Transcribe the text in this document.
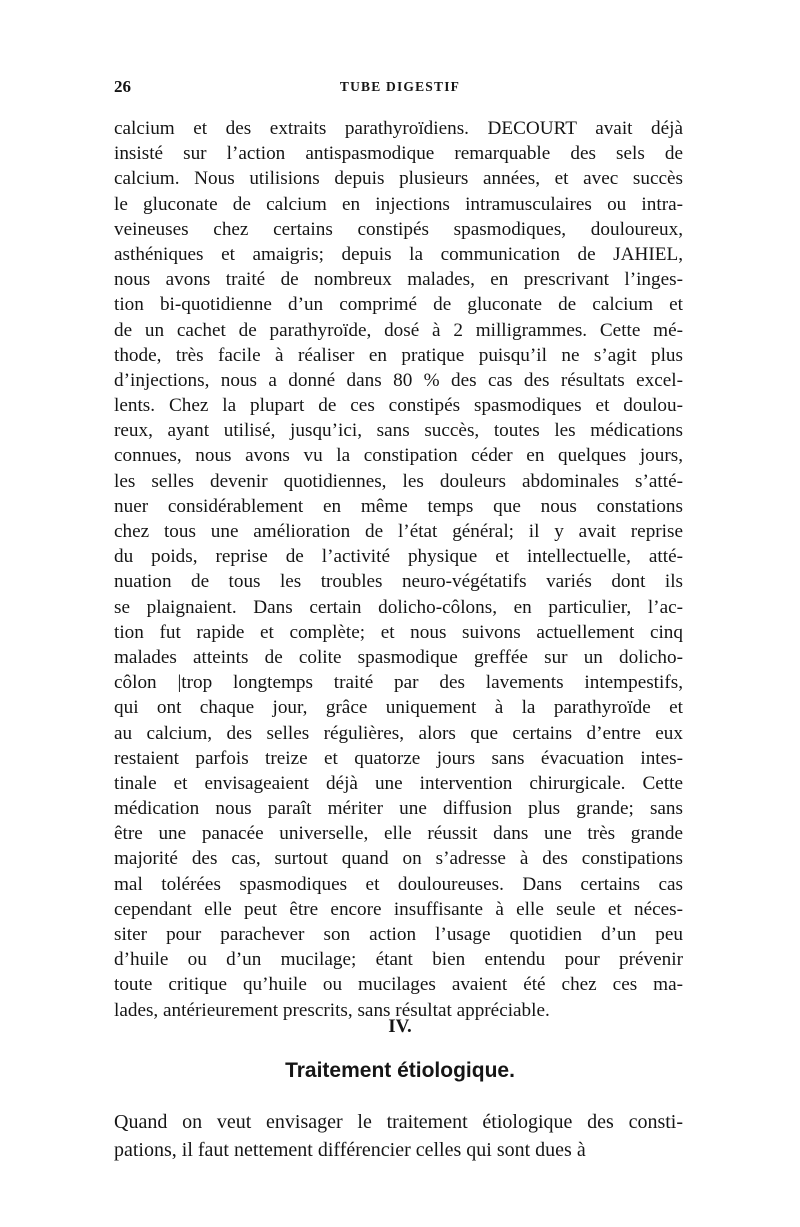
26	TUBE DIGESTIF
calcium et des extraits parathyroïdiens. DECOURT avait déjà
insisté sur l’action antispasmodique remarquable des sels de
calcium. Nous utilisions depuis plusieurs années, et avec succès
le gluconate de calcium en injections intramusculaires ou intra-
veineuses chez certains constipés spasmodiques, douloureux,
asthéniques et amaigris; depuis la communication de JAHIEL,
nous avons traité de nombreux malades, en prescrivant l’inges-
tion bi-quotidienne d’un comprimé de gluconate de calcium et
de un cachet de parathyroïde, dosé à 2 milligrammes. Cette mé-
thode, très facile à réaliser en pratique puisqu’il ne s’agit plus
d’injections, nous a donné dans 80 % des cas des résultats excel-
lents. Chez la plupart de ces constipés spasmodiques et doulou-
reux, ayant utilisé, jusqu’ici, sans succès, toutes les médications
connues, nous avons vu la constipation céder en quelques jours,
les selles devenir quotidiennes, les douleurs abdominales s’atté-
nuer considérablement en même temps que nous constations
chez tous une amélioration de l’état général; il y avait reprise
du poids, reprise de l’activité physique et intellectuelle, atté-
nuation de tous les troubles neuro-végétatifs variés dont ils
se plaignaient. Dans certain dolicho-côlons, en particulier, l’ac-
tion fut rapide et complète; et nous suivons actuellement cinq
malades atteints de colite spasmodique greffée sur un dolicho-
côlon |trop longtemps traité par des lavements intempestifs,
qui ont chaque jour, grâce uniquement à la parathyroïde et
au calcium, des selles régulières, alors que certains d’entre eux
restaient parfois treize et quatorze jours sans évacuation intes-
tinale et envisageaient déjà une intervention chirurgicale. Cette
médication nous paraît mériter une diffusion plus grande; sans
être une panacée universelle, elle réussit dans une très grande
majorité des cas, surtout quand on s’adresse à des constipations
mal tolérées spasmodiques et douloureuses. Dans certains cas
cependant elle peut être encore insuffisante à elle seule et néces-
siter pour parachever son action l’usage quotidien d’un peu
d’huile ou d’un mucilage; étant bien entendu pour prévenir
toute critique qu’huile ou mucilages avaient été chez ces ma-
lades, antérieurement prescrits, sans résultat appréciable.
IV.
Traitement étiologique.
Quand on veut envisager le traitement étiologique des consti-
pations, il faut nettement différencier celles qui sont dues à
